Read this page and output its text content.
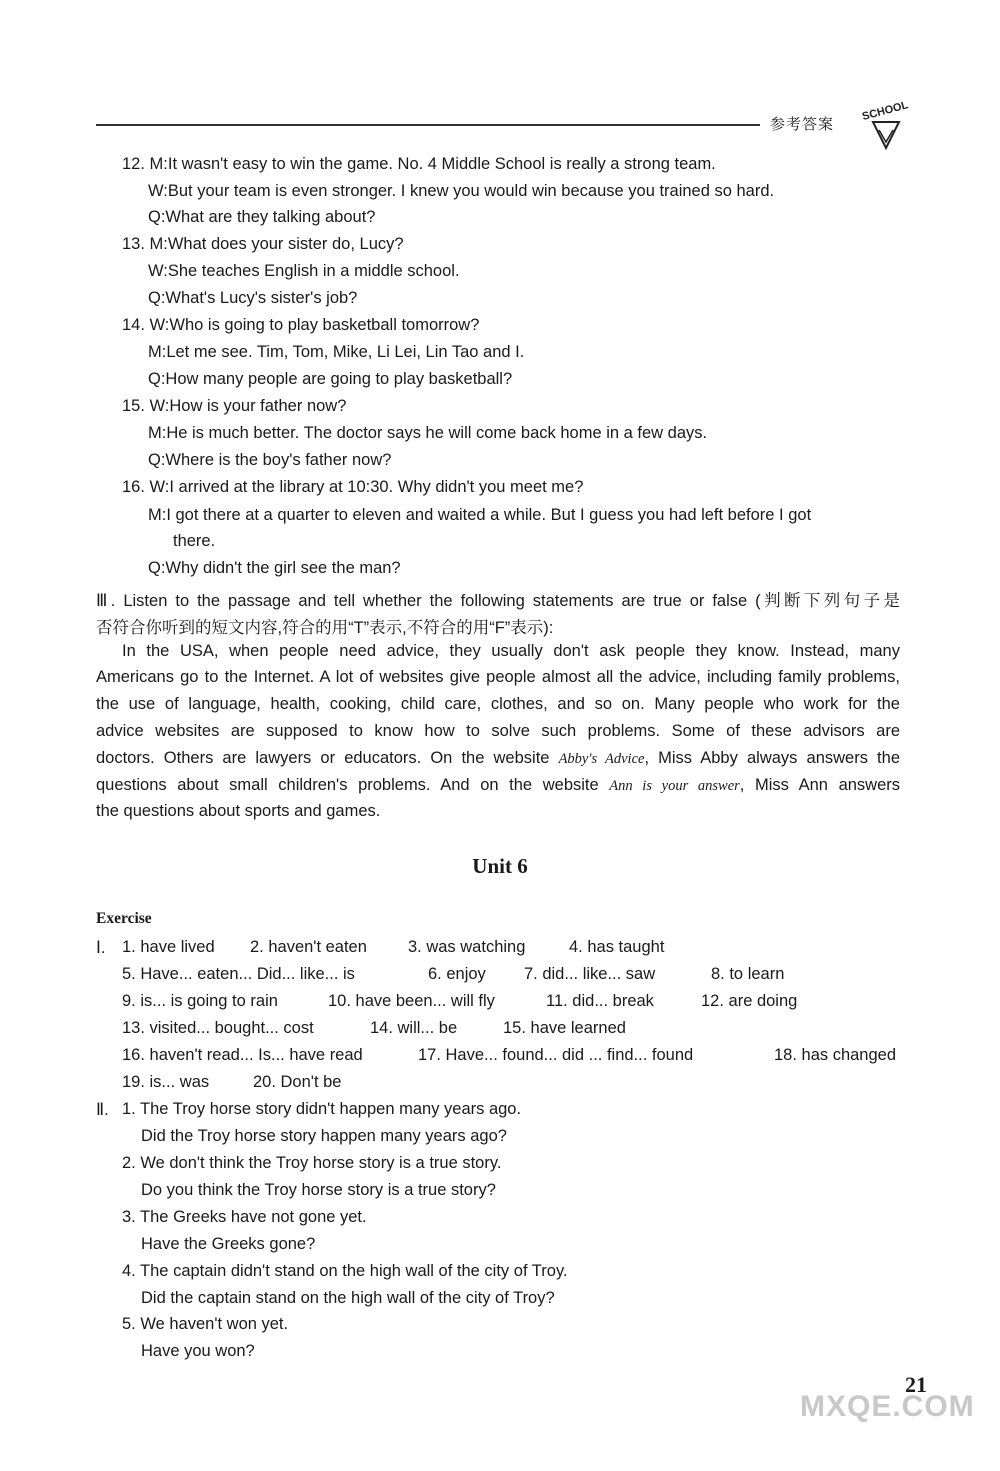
参考答案
SCHOOL
12. M:It wasn't easy to win the game. No. 4 Middle School is really a strong team.
W:But your team is even stronger. I knew you would win because you trained so hard.
Q:What are they talking about?
13. M:What does your sister do, Lucy?
W:She teaches English in a middle school.
Q:What's Lucy's sister's job?
14. W:Who is going to play basketball tomorrow?
M:Let me see. Tim, Tom, Mike, Li Lei, Lin Tao and I.
Q:How many people are going to play basketball?
15. W:How is your father now?
M:He is much better. The doctor says he will come back home in a few days.
Q:Where is the boy's father now?
16. W:I arrived at the library at 10:30. Why didn't you meet me?
M:I got there at a quarter to eleven and waited a while. But I guess you had left before I got
there.
Q:Why didn't the girl see the man?
Ⅲ. Listen to the passage and tell whether the following statements are true or false (判断下列句子是
否符合你听到的短文内容,符合的用“T”表示,不符合的用“F”表示):
In the USA, when people need advice, they usually don't ask people they know. Instead, many
Americans go to the Internet. A lot of websites give people almost all the advice, including family problems,
the use of language, health, cooking, child care, clothes, and so on. Many people who work for the
advice websites are supposed to know how to solve such problems. Some of these advisors are
doctors. Others are lawyers or educators. On the website Abby's Advice, Miss Abby always answers the
questions about small children's problems. And on the website Ann is your answer, Miss Ann answers
the questions about sports and games.
Unit 6
Exercise
Ⅰ. 1. have lived 2. haven't eaten 3. was watching	4. has taught
5. Have... eaten... Did... like... is	6. enjoy 7. did... like... saw	8. to learn
9. is... is going to rain	10. have been... will fly	11. did... break	12. are doing
13. visited... bought... cost	14. will... be	15. have learned
16. haven't read... Is... have read	17. Have... found... did ... find... found	18. has changed
19. is... was	20. Don't be
Ⅱ. 1. The Troy horse story didn't happen many years ago.
Did the Troy horse story happen many years ago?
2. We don't think the Troy horse story is a true story.
Do you think the Troy horse story is a true story?
3. The Greeks have not gone yet.
Have the Greeks gone?
4. The captain didn't stand on the high wall of the city of Troy.
Did the captain stand on the high wall of the city of Troy?
5. We haven't won yet.
Have you won?
21
MXQE.COM
